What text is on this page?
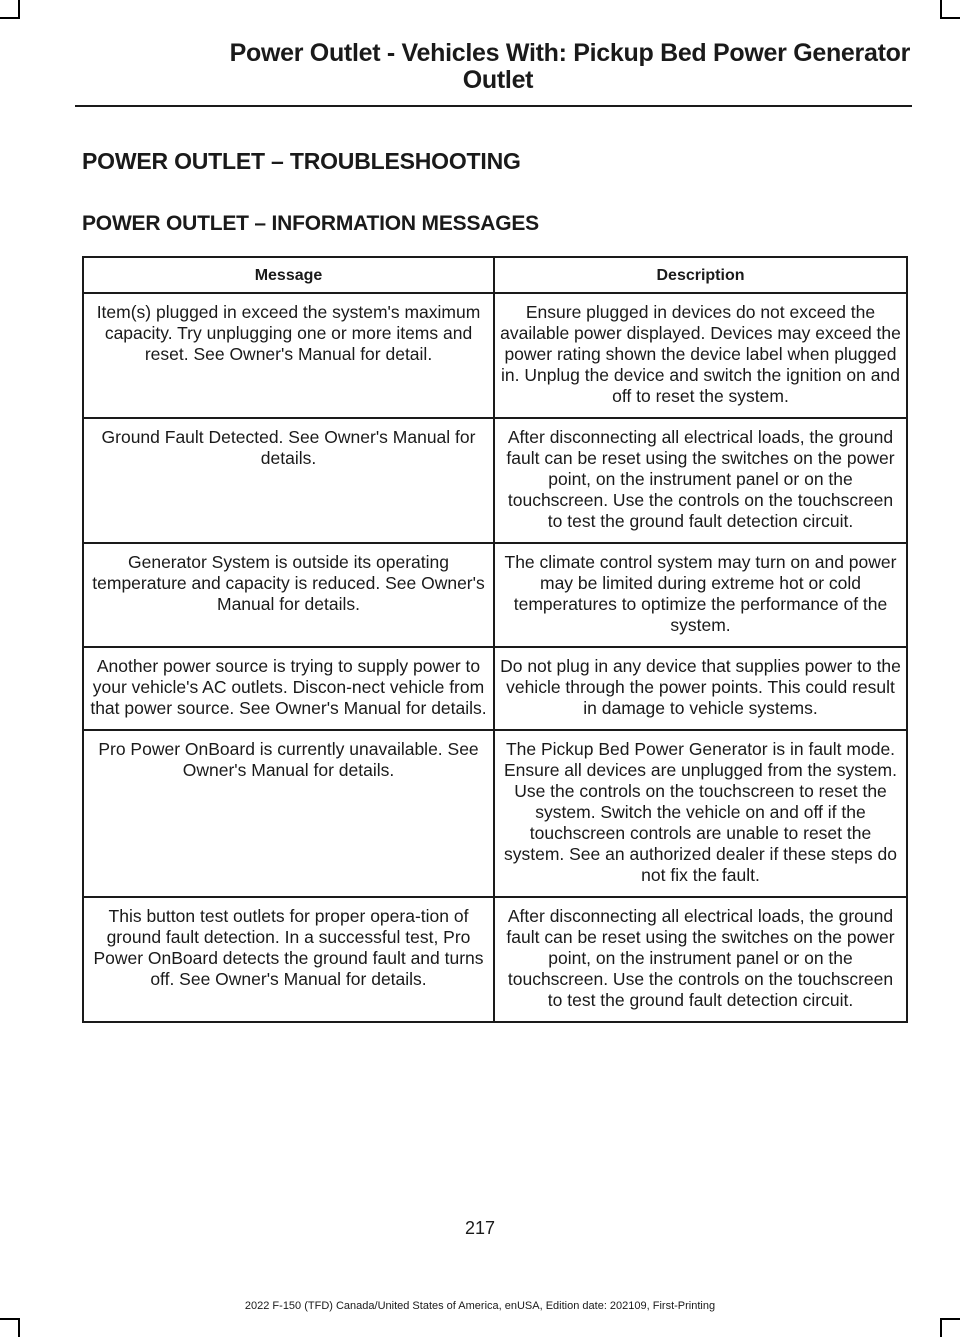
Power Outlet - Vehicles With: Pickup Bed Power Generator
Outlet
POWER OUTLET – TROUBLESHOOTING
POWER OUTLET – INFORMATION MESSAGES
Message	Description
Item(s) plugged in exceed the system's maximum capacity. Try unplugging one or more items and reset. See Owner's Manual for detail.	Ensure plugged in devices do not exceed the available power displayed. Devices may exceed the power rating shown the device label when plugged in. Unplug the device and switch the ignition on and off to reset the system.
Ground Fault Detected. See Owner's Manual for details.	After disconnecting all electrical loads, the ground fault can be reset using the switches on the power point, on the instrument panel or on the touchscreen. Use the controls on the touchscreen to test the ground fault detection circuit.
Generator System is outside its operating temperature and capacity is reduced. See Owner's Manual for details.	The climate control system may turn on and power may be limited during extreme hot or cold temperatures to optimize the performance of the system.
Another power source is trying to supply power to your vehicle's AC outlets. Discon-nect vehicle from that power source. See Owner's Manual for details.	Do not plug in any device that supplies power to the vehicle through the power points. This could result in damage to vehicle systems.
Pro Power OnBoard is currently unavailable. See Owner's Manual for details.	The Pickup Bed Power Generator is in fault mode. Ensure all devices are unplugged from the system. Use the controls on the touchscreen to reset the system. Switch the vehicle on and off if the touchscreen controls are unable to reset the system. See an authorized dealer if these steps do not fix the fault.
This button test outlets for proper opera-tion of ground fault detection. In a successful test, Pro Power OnBoard detects the ground fault and turns off. See Owner's Manual for details.	After disconnecting all electrical loads, the ground fault can be reset using the switches on the power point, on the instrument panel or on the touchscreen. Use the controls on the touchscreen to test the ground fault detection circuit.
217
2022 F-150 (TFD) Canada/United States of America, enUSA, Edition date: 202109, First-Printing
